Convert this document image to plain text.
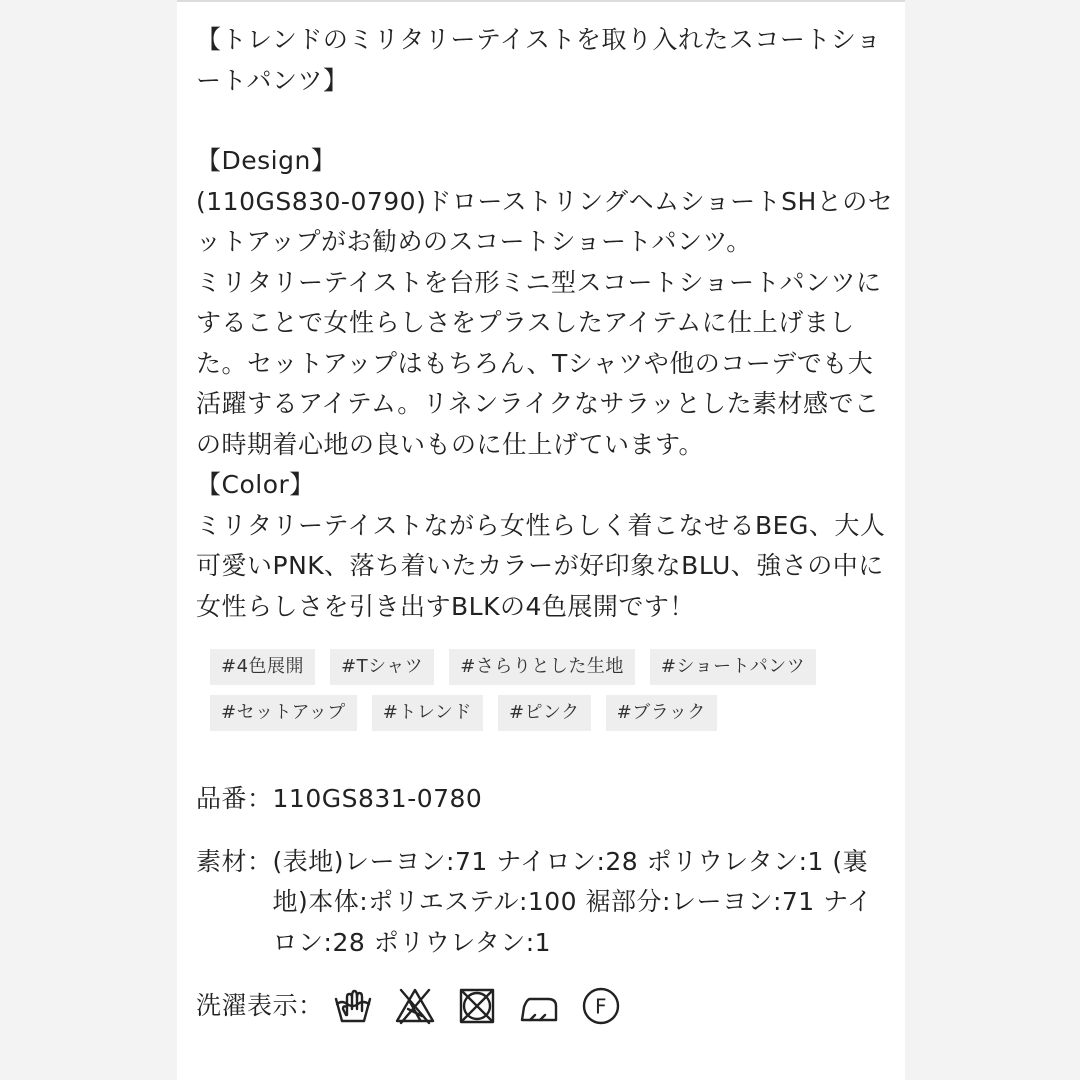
【トレンドのミリタリーテイストを取り入れたスコートショートパンツ】

【Design】

(110GS830-0790)ドローストリングヘムショートSHとのセットアップがお勧めのスコートショートパンツ。
ミリタリーテイストを台形ミニ型スコートショートパンツにすることで女性らしさをプラスしたアイテムに仕上げました。セットアップはもちろん、Tシャツや他のコーデでも大活躍するアイテム。リネンライクなサラッとした素材感でこの時期着心地の良いものに仕上げています。

【Color】

ミリタリーテイストながら女性らしく着こなせるBEG、大人可愛いPNK、落ち着いたカラーが好印象なBLU、強さの中に女性らしさを引き出すBLKの4色展開です！

#4色展開	#Tシャツ	#さらりとした生地	#ショートパンツ
#セットアップ	#トレンド	#ピンク	#ブラック
品番： 110GS831-0780
素材： (表地)レーヨン:71 ナイロン:28 ポリウレタン:1 (裏地)本体:ポリエステル:100 裾部分:レーヨン:71 ナイロン:28 ポリウレタン:1
洗濯表示：	F
